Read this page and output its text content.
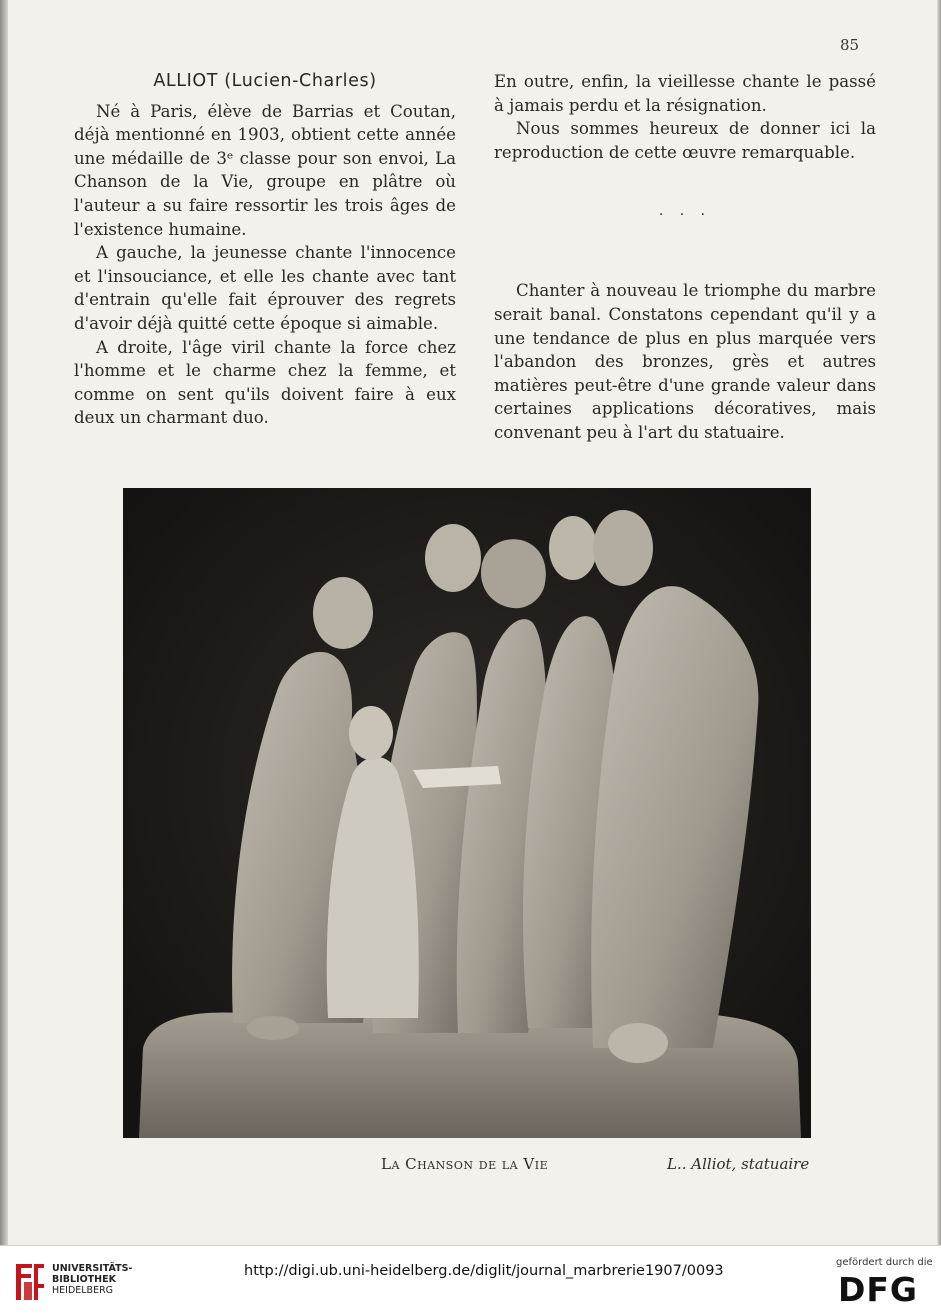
85
ALLIOT (Lucien-Charles)

Né à Paris, élève de Barrias et Coutan, déjà mentionné en 1903, obtient cette année une médaille de 3ᵉ classe pour son envoi, La Chanson de la Vie, groupe en plâtre où l'auteur a su faire ressortir les trois âges de l'existence humaine.

A gauche, la jeunesse chante l'innocence et l'insouciance, et elle les chante avec tant d'entrain qu'elle fait éprouver des regrets d'avoir déjà quitté cette époque si aimable.

A droite, l'âge viril chante la force chez l'homme et le charme chez la femme, et comme on sent qu'ils doivent faire à eux deux un charmant duo.

En outre, enfin, la vieillesse chante le passé à jamais perdu et la résignation.

Nous sommes heureux de donner ici la reproduction de cette œuvre remarquable.

· · ·

Chanter à nouveau le triomphe du marbre serait banal. Constatons cependant qu'il y a une tendance de plus en plus marquée vers l'abandon des bronzes, grès et autres matières peut-être d'une grande valeur dans certaines applications décoratives, mais convenant peu à l'art du statuaire.

La Chanson de la Vie	L.. Alliot, statuaire
UNIVERSITÄTS-
BIBLIOTHEK
HEIDELBERG
http://digi.ub.uni-heidelberg.de/diglit/journal_marbrerie1907/0093
gefördert durch die
DFG
